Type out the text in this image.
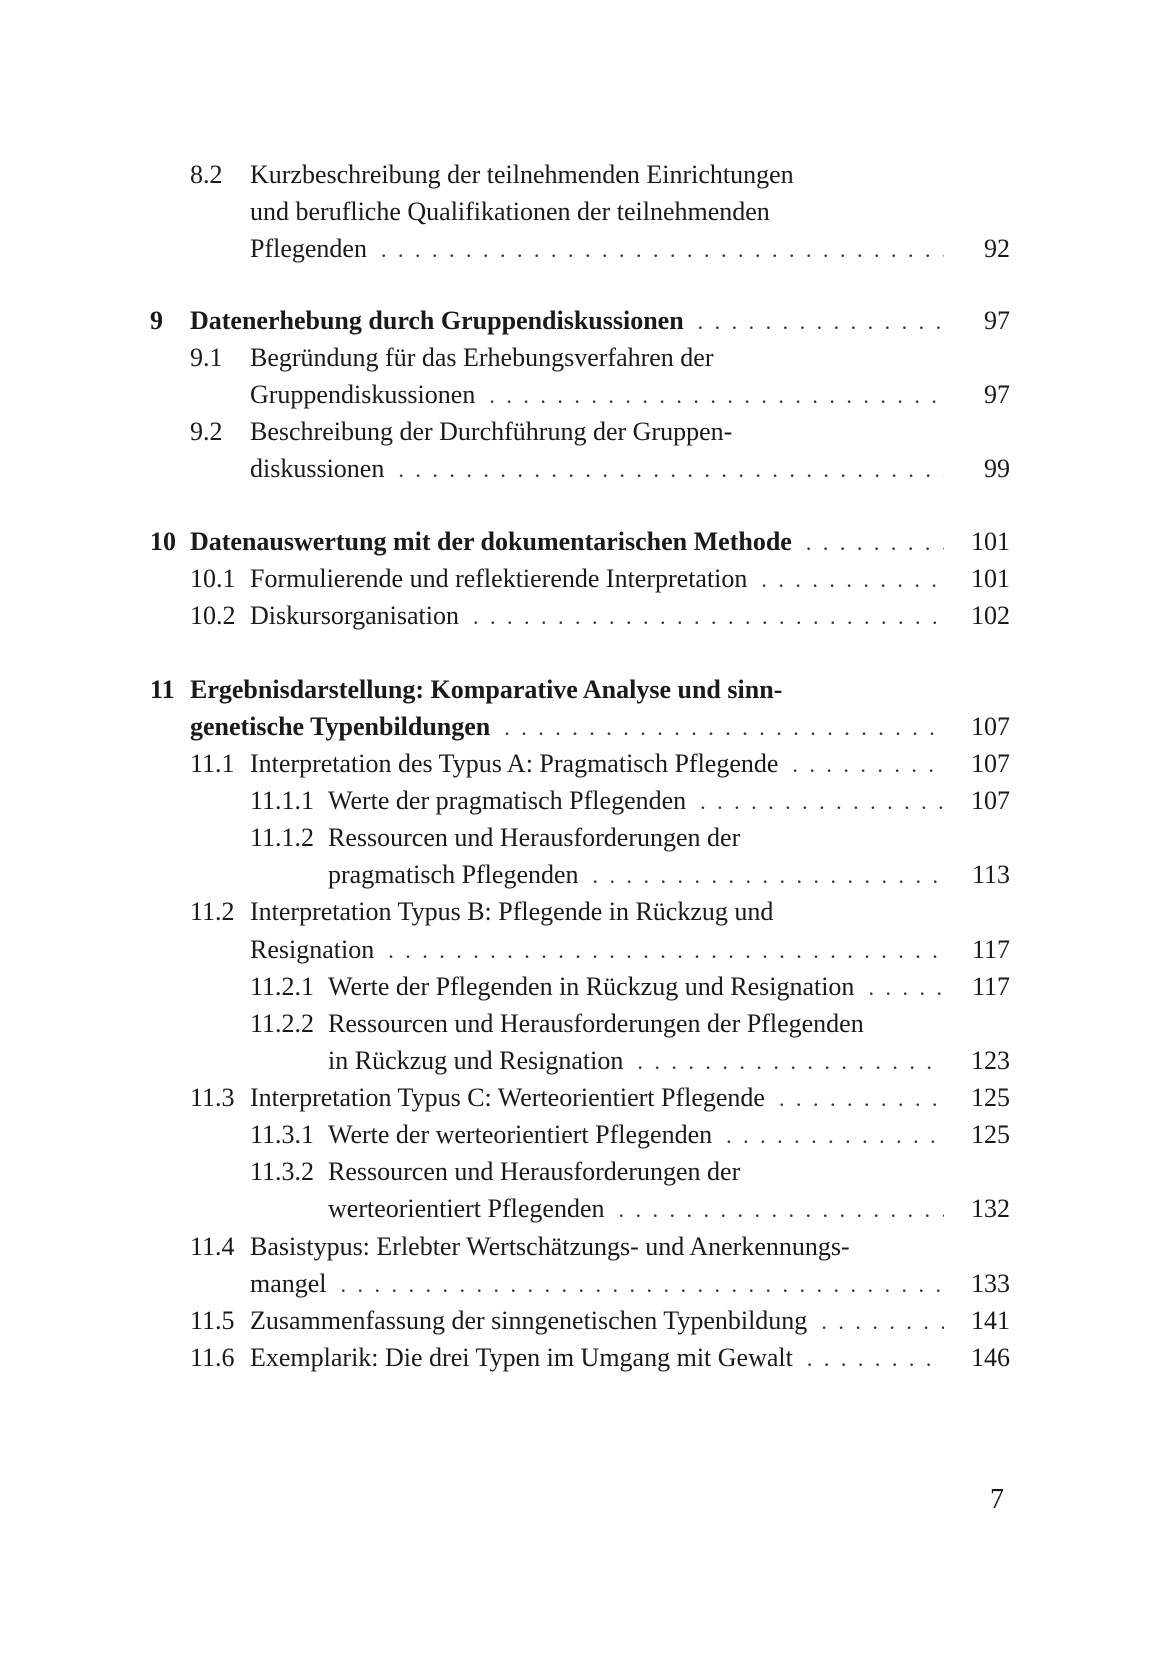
8.2 Kurzbeschreibung der teilnehmenden Einrichtungen
und berufliche Qualifikationen der teilnehmenden
Pflegenden . . .	92
9 Datenerhebung durch Gruppendiskussionen . . .	97
9.1 Begründung für das Erhebungsverfahren der
Gruppendiskussionen . . .	97
9.2 Beschreibung der Durchführung der Gruppen-
diskussionen . . .	99
10 Datenauswertung mit der dokumentarischen Methode . . .	101
10.1 Formulierende und reflektierende Interpretation . . .	101
10.2 Diskursorganisation . . .	102
11 Ergebnisdarstellung: Komparative Analyse und sinn-
genetische Typenbildungen . . .	107
11.1 Interpretation des Typus A: Pragmatisch Pflegende . . .	107
11.1.1 Werte der pragmatisch Pflegenden . . .	107
11.1.2 Ressourcen und Herausforderungen der
pragmatisch Pflegenden . . .	113
11.2 Interpretation Typus B: Pflegende in Rückzug und
Resignation . . .	117
11.2.1 Werte der Pflegenden in Rückzug und Resignation . . .	117
11.2.2 Ressourcen und Herausforderungen der Pflegenden
in Rückzug und Resignation . . .	123
11.3 Interpretation Typus C: Werteorientiert Pflegende . . .	125
11.3.1 Werte der werteorientiert Pflegenden . . .	125
11.3.2 Ressourcen und Herausforderungen der
werteorientiert Pflegenden . . .	132
11.4 Basistypus: Erlebter Wertschätzungs- und Anerkennungs-
mangel . . .	133
11.5 Zusammenfassung der sinngenetischen Typenbildung . . .	141
11.6 Exemplarik: Die drei Typen im Umgang mit Gewalt . . .	146
7
